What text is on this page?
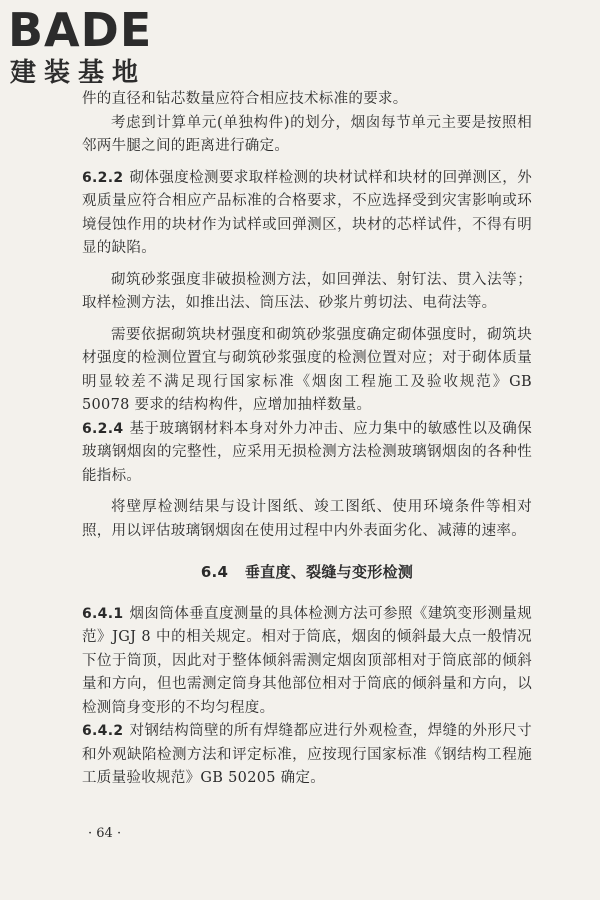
BADE
建装基地

件的直径和钻芯数量应符合相应技术标准的要求。

考虑到计算单元(单独构件)的划分，烟囱每节单元主要是按照相邻两牛腿之间的距离进行确定。

6.2.2 砌体强度检测要求取样检测的块材试样和块材的回弹测区，外观质量应符合相应产品标准的合格要求，不应选择受到灾害影响或环境侵蚀作用的块材作为试样或回弹测区，块材的芯样试件，不得有明显的缺陷。

砌筑砂浆强度非破损检测方法，如回弹法、射钉法、贯入法等；取样检测方法，如推出法、筒压法、砂浆片剪切法、电荷法等。

需要依据砌筑块材强度和砌筑砂浆强度确定砌体强度时，砌筑块材强度的检测位置宜与砌筑砂浆强度的检测位置对应；对于砌体质量明显较差不满足现行国家标准《烟囱工程施工及验收规范》GB 50078 要求的结构构件，应增加抽样数量。

6.2.4 基于玻璃钢材料本身对外力冲击、应力集中的敏感性以及确保玻璃钢烟囱的完整性，应采用无损检测方法检测玻璃钢烟囱的各种性能指标。

将壁厚检测结果与设计图纸、竣工图纸、使用环境条件等相对照，用以评估玻璃钢烟囱在使用过程中内外表面劣化、减薄的速率。

6.4 垂直度、裂缝与变形检测

6.4.1 烟囱筒体垂直度测量的具体检测方法可参照《建筑变形测量规范》JGJ 8 中的相关规定。相对于筒底，烟囱的倾斜最大点一般情况下位于筒顶，因此对于整体倾斜需测定烟囱顶部相对于筒底部的倾斜量和方向，但也需测定筒身其他部位相对于筒底的倾斜量和方向，以检测筒身变形的不均匀程度。

6.4.2 对钢结构筒壁的所有焊缝都应进行外观检查，焊缝的外形尺寸和外观缺陷检测方法和评定标准，应按现行国家标准《钢结构工程施工质量验收规范》GB 50205 确定。

· 64 ·
